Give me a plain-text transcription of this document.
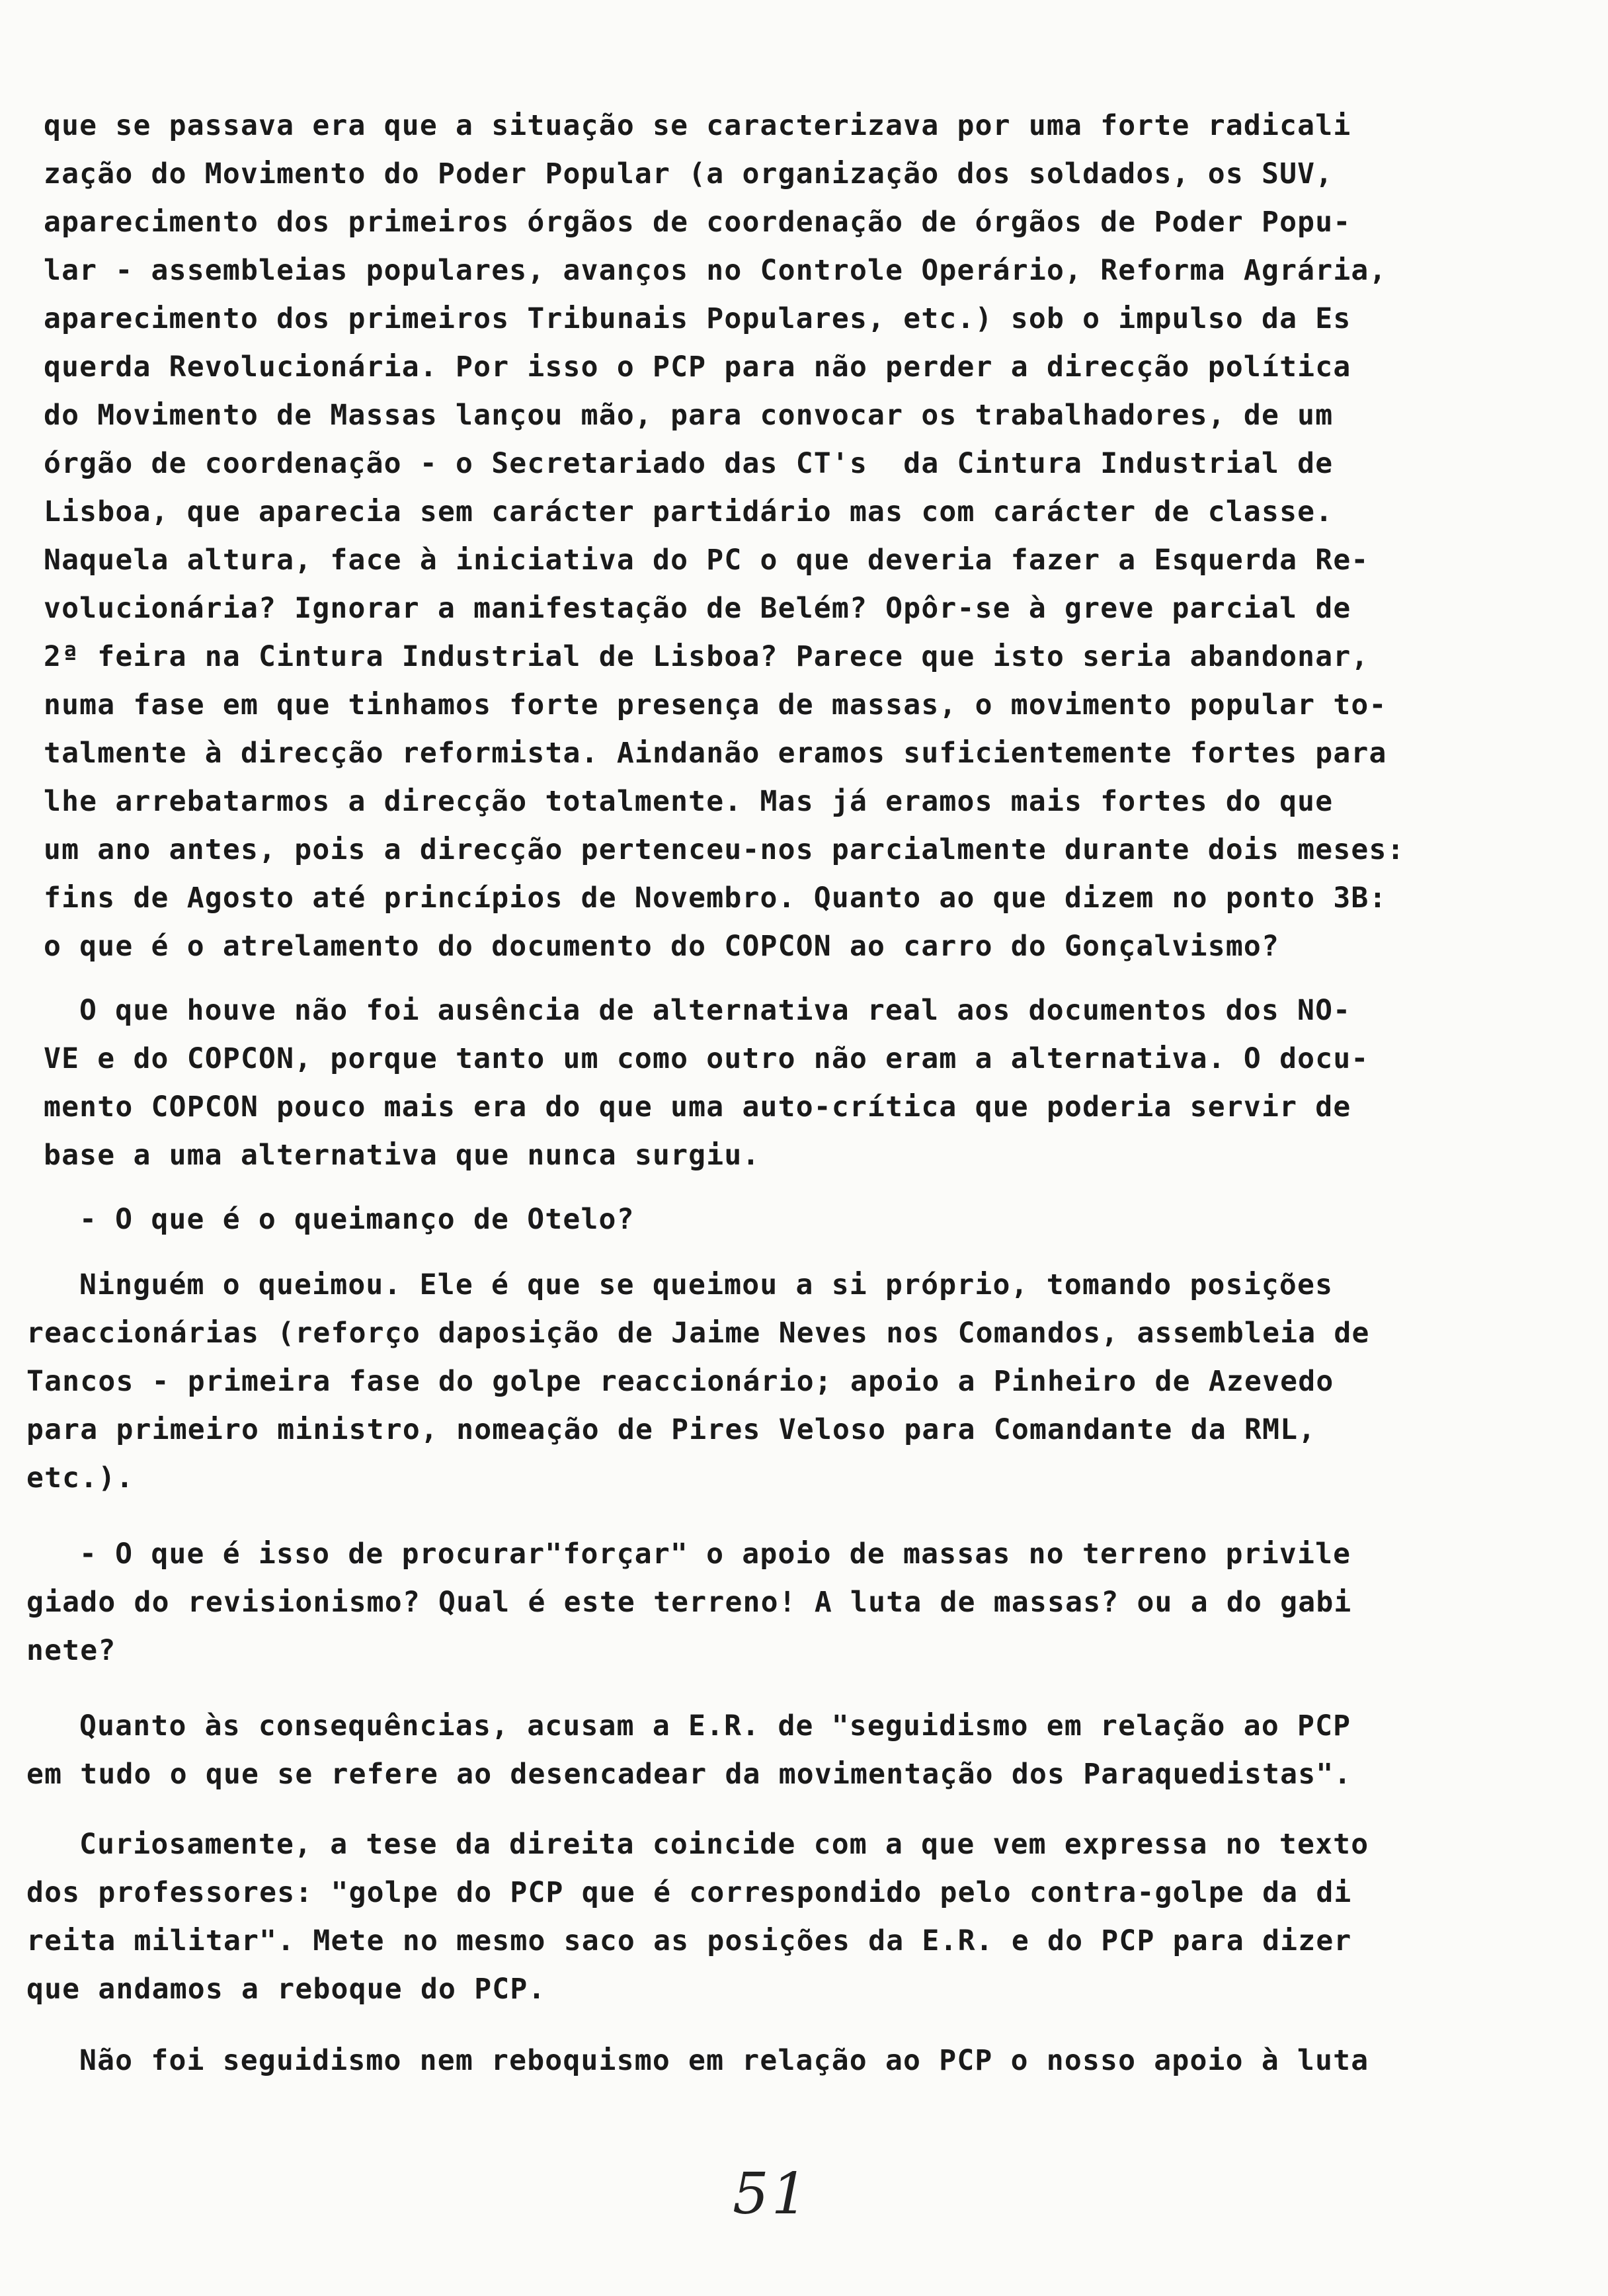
que se passava era que a situação se caracterizava por uma forte radicali
zação do Movimento do Poder Popular (a organização dos soldados, os SUV,
aparecimento dos primeiros órgãos de coordenação de órgãos de Poder Popu-
lar - assembleias populares, avanços no Controle Operário, Reforma Agrária,
aparecimento dos primeiros Tribunais Populares, etc.) sob o impulso da Es
querda Revolucionária. Por isso o PCP para não perder a direcção política
do Movimento de Massas lançou mão, para convocar os trabalhadores, de um
órgão de coordenação - o Secretariado das CT's  da Cintura Industrial de
Lisboa, que aparecia sem carácter partidário mas com carácter de classe.
Naquela altura, face à iniciativa do PC o que deveria fazer a Esquerda Re-
volucionária? Ignorar a manifestação de Belém? Opôr-se à greve parcial de
2ª feira na Cintura Industrial de Lisboa? Parece que isto seria abandonar,
numa fase em que tinhamos forte presença de massas, o movimento popular to-
talmente à direcção reformista. Aindanão eramos suficientemente fortes para
lhe arrebatarmos a direcção totalmente. Mas já eramos mais fortes do que
um ano antes, pois a direcção pertenceu-nos parcialmente durante dois meses:
fins de Agosto até princípios de Novembro. Quanto ao que dizem no ponto 3B:
o que é o atrelamento do documento do COPCON ao carro do Gonçalvismo?
O que houve não foi ausência de alternativa real aos documentos dos NO-
VE e do COPCON, porque tanto um como outro não eram a alternativa. O docu-
mento COPCON pouco mais era do que uma auto-crítica que poderia servir de
base a uma alternativa que nunca surgiu.
- O que é o queimanço de Otelo?
Ninguém o queimou. Ele é que se queimou a si próprio, tomando posições
reaccionárias (reforço daposição de Jaime Neves nos Comandos, assembleia de
Tancos - primeira fase do golpe reaccionário; apoio a Pinheiro de Azevedo
para primeiro ministro, nomeação de Pires Veloso para Comandante da RML,
etc.).
- O que é isso de procurar"forçar" o apoio de massas no terreno privile
giado do revisionismo? Qual é este terreno! A luta de massas? ou a do gabi
nete?
Quanto às consequências, acusam a E.R. de "seguidismo em relação ao PCP
em tudo o que se refere ao desencadear da movimentação dos Paraquedistas".
Curiosamente, a tese da direita coincide com a que vem expressa no texto
dos professores: "golpe do PCP que é correspondido pelo contra-golpe da di
reita militar". Mete no mesmo saco as posições da E.R. e do PCP para dizer
que andamos a reboque do PCP.
Não foi seguidismo nem reboquismo em relação ao PCP o nosso apoio à luta
51
